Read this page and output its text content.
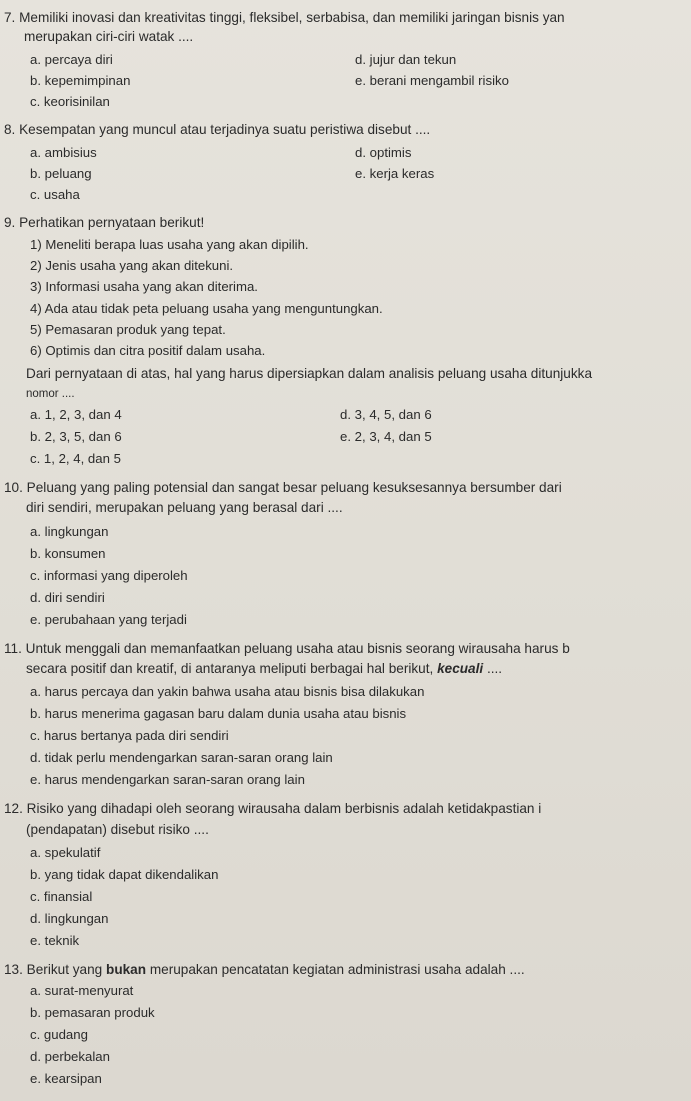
7. Memiliki inovasi dan kreativitas tinggi, fleksibel, serbabisa, dan memiliki jaringan bisnis yan
merupakan ciri-ciri watak ....
a. percaya diri	d. jujur dan tekun
b. kepemimpinan	e. berani mengambil risiko
c. keorisinilan
8. Kesempatan yang muncul atau terjadinya suatu peristiwa disebut ....
a. ambisius	d. optimis
b. peluang	e. kerja keras
c. usaha
9. Perhatikan pernyataan berikut!
1) Meneliti berapa luas usaha yang akan dipilih.
2) Jenis usaha yang akan ditekuni.
3) Informasi usaha yang akan diterima.
4) Ada atau tidak peta peluang usaha yang menguntungkan.
5) Pemasaran produk yang tepat.
6) Optimis dan citra positif dalam usaha.
Dari pernyataan di atas, hal yang harus dipersiapkan dalam analisis peluang usaha ditunjukka
nomor ....
a. 1, 2, 3, dan 4	d. 3, 4, 5, dan 6
b. 2, 3, 5, dan 6	e. 2, 3, 4, dan 5
c. 1, 2, 4, dan 5
10. Peluang yang paling potensial dan sangat besar peluang kesuksesannya bersumber dari
diri sendiri, merupakan peluang yang berasal dari ....
a. lingkungan
b. konsumen
c. informasi yang diperoleh
d. diri sendiri
e. perubahaan yang terjadi
11. Untuk menggali dan memanfaatkan peluang usaha atau bisnis seorang wirausaha harus b
secara positif dan kreatif, di antaranya meliputi berbagai hal berikut, kecuali ....
a. harus percaya dan yakin bahwa usaha atau bisnis bisa dilakukan
b. harus menerima gagasan baru dalam dunia usaha atau bisnis
c. harus bertanya pada diri sendiri
d. tidak perlu mendengarkan saran-saran orang lain
e. harus mendengarkan saran-saran orang lain
12. Risiko yang dihadapi oleh seorang wirausaha dalam berbisnis adalah ketidakpastian i
(pendapatan) disebut risiko ....
a. spekulatif
b. yang tidak dapat dikendalikan
c. finansial
d. lingkungan
e. teknik
13. Berikut yang bukan merupakan pencatatan kegiatan administrasi usaha adalah ....
a. surat-menyurat
b. pemasaran produk
c. gudang
d. perbekalan
e. kearsipan
